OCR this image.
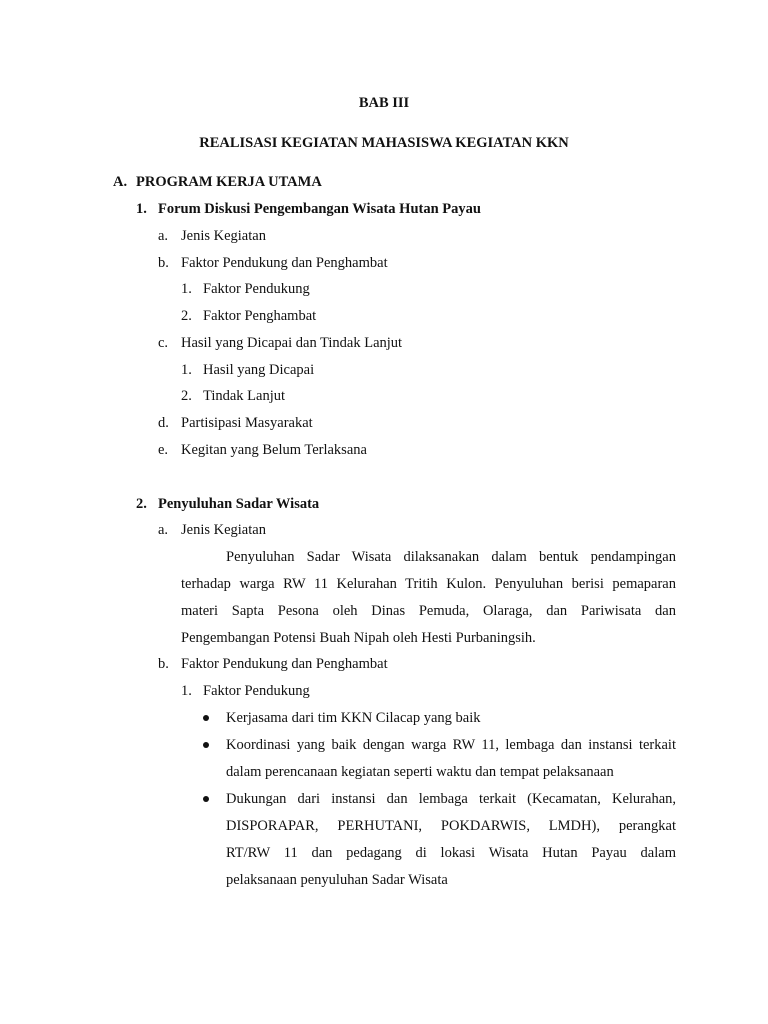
BAB III
REALISASI KEGIATAN MAHASISWA KEGIATAN KKN
A. PROGRAM KERJA UTAMA
1. Forum Diskusi Pengembangan Wisata Hutan Payau
a. Jenis Kegiatan
b. Faktor Pendukung dan Penghambat
1. Faktor Pendukung
2. Faktor Penghambat
c. Hasil yang Dicapai dan Tindak Lanjut
1. Hasil yang Dicapai
2. Tindak Lanjut
d. Partisipasi Masyarakat
e. Kegitan yang Belum Terlaksana
2. Penyuluhan Sadar Wisata
a. Jenis Kegiatan
Penyuluhan Sadar Wisata dilaksanakan dalam bentuk pendampingan
terhadap warga RW 11 Kelurahan Tritih Kulon. Penyuluhan berisi pemaparan
materi Sapta Pesona oleh Dinas Pemuda, Olaraga, dan Pariwisata dan
Pengembangan Potensi Buah Nipah oleh Hesti Purbaningsih.
b. Faktor Pendukung dan Penghambat
1. Faktor Pendukung
Kerjasama dari tim KKN Cilacap yang baik
Koordinasi yang baik dengan warga RW 11, lembaga dan instansi terkait
dalam perencanaan kegiatan seperti waktu dan tempat pelaksanaan
Dukungan dari instansi dan lembaga terkait (Kecamatan, Kelurahan,
DISPORAPAR, PERHUTANI, POKDARWIS, LMDH), perangkat
RT/RW 11 dan pedagang di lokasi Wisata Hutan Payau dalam
pelaksanaan penyuluhan Sadar Wisata
